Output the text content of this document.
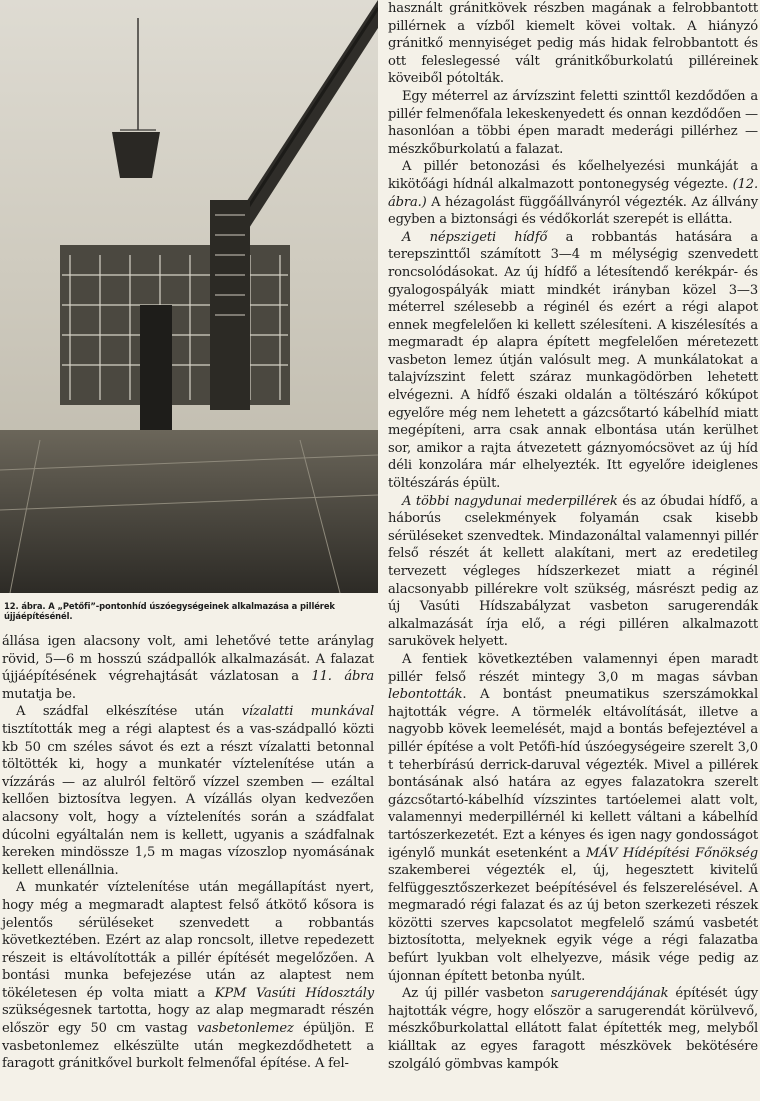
12. ábra. A „Petőfi”-pontonhíd úszóegységeinek alkalmazása a pillérek újjáépítésénél.

állása igen alacsony volt, ami lehetővé tette aránylag rövid, 5—6 m hosszú szádpallók alkalmazását. A falazat újjáépítésének végrehajtását vázlatosan a 11. ábra mutatja be.

A szádfal elkészítése után vízalatti munkával tisztították meg a régi alaptest és a vas-szádpalló közti kb 50 cm széles sávot és ezt a részt vízalatti betonnal töltötték ki, hogy a munkatér víztelenítése után a vízzárás — az alulról feltörő vízzel szemben — ezáltal kellően biztosítva legyen. A vízállás olyan kedvezően alacsony volt, hogy a víztelenítés során a szádfalat dúcolni egyáltalán nem is kellett, ugyanis a szádfalnak kereken mindössze 1,5 m magas vízoszlop nyomásának kellett ellenállnia.

A munkatér víztelenítése után megállapítást nyert, hogy még a megmaradt alaptest felső átkötő kősora is jelentős sérüléseket szenvedett a robbantás következtében. Ezért az alap roncsolt, illetve repedezett részeit is eltávolították a pillér építését megelőzően. A bontási munka befejezése után az alaptest nem tökéletesen ép volta miatt a KPM Vasúti Hídosztály szükségesnek tartotta, hogy az alap megmaradt részén először egy 50 cm vastag vasbetonlemez épüljön. E vasbetonlemez elkészülte után megkezdődhetett a faragott gránitkővel burkolt felmenőfal építése. A fel-

használt gránitkövek részben magának a felrobbantott pillérnek a vízből kiemelt kövei voltak. A hiányzó gránitkő mennyiséget pedig más hidak felrobbantott és ott feleslegessé vált gránitkőburkolatú pilléreinek köveiből pótolták.

Egy méterrel az árvízszint feletti szinttől kezdődően a pillér felmenőfala lekeskenyedett és onnan kezdődően — hasonlóan a többi épen maradt mederági pillérhez — mészkőburkolatú a falazat.

A pillér betonozási és kőelhelyezési munkáját a kikötőági hídnál alkalmazott pontonegység végezte. (12. ábra.) A hézagolást függőállványról végezték. Az állvány egyben a biztonsági és védőkorlát szerepét is ellátta.

A népszigeti hídfő a robbantás hatására a terepszinttől számított 3—4 m mélységig szenvedett roncsolódásokat. Az új hídfő a létesítendő kerékpár- és gyalogospályák miatt mindkét irányban közel 3—3 méterrel szélesebb a réginél és ezért a régi alapot ennek megfelelően ki kellett szélesíteni. A kiszélesítés a megmaradt ép alapra épített megfelelően méretezett vasbeton lemez útján valósult meg. A munkálatokat a talajvízszint felett száraz munkagödörben lehetett elvégezni. A hídfő északi oldalán a töltészáró kőkúpot egyelőre még nem lehetett a gázcsőtartó kábelhíd miatt megépíteni, arra csak annak elbontása után kerülhet sor, amikor a rajta átvezetett gáznyomócsövet az új híd déli konzolára már elhelyezték. Itt egyelőre ideiglenes töltészárás épült.

A többi nagydunai mederpillérek és az óbudai hídfő, a háborús cselekmények folyamán csak kisebb sérüléseket szenvedtek. Mindazonáltal valamennyi pillér felső részét át kellett alakítani, mert az eredetileg tervezett végleges hídszerkezet miatt a réginél alacsonyabb pillérekre volt szükség, másrészt pedig az új Vasúti Hídszabályzat vasbeton sarugerendák alkalmazását írja elő, a régi pilléren alkalmazott sarukövek helyett.

A fentiek következtében valamennyi épen maradt pillér felső részét mintegy 3,0 m magas sávban lebontották. A bontást pneumatikus szerszámokkal hajtották végre. A törmelék eltávolítását, illetve a nagyobb kövek leemelését, majd a bontás befejeztével a pillér építése a volt Petőfi-híd úszóegységeire szerelt 3,0 t teherbírású derrick-daruval végezték. Mivel a pillérek bontásának alsó határa az egyes falazatokra szerelt gázcsőtartó-kábelhíd vízszintes tartóelemei alatt volt, valamennyi mederpillérnél ki kellett váltani a kábelhíd tartószerkezetét. Ezt a kényes és igen nagy gondosságot igénylő munkát esetenként a MÁV Hídépítési Főnökség szakemberei végezték el, új, hegesztett kivitelű felfüggesztőszerkezet beépítésével és felszerelésével. A megmaradó régi falazat és az új beton szerkezeti részek közötti szerves kapcsolatot megfelelő számú vasbetét biztosította, melyeknek egyik vége a régi falazatba befúrt lyukban volt elhelyezve, másik vége pedig az újonnan épített betonba nyúlt.

Az új pillér vasbeton sarugerendájának építését úgy hajtották végre, hogy először a sarugerendát körülvevő, mészkőburkolattal ellátott falat építették meg, melyből kiálltak az egyes faragott mészkövek bekötésére szolgáló gömbvas kampók
